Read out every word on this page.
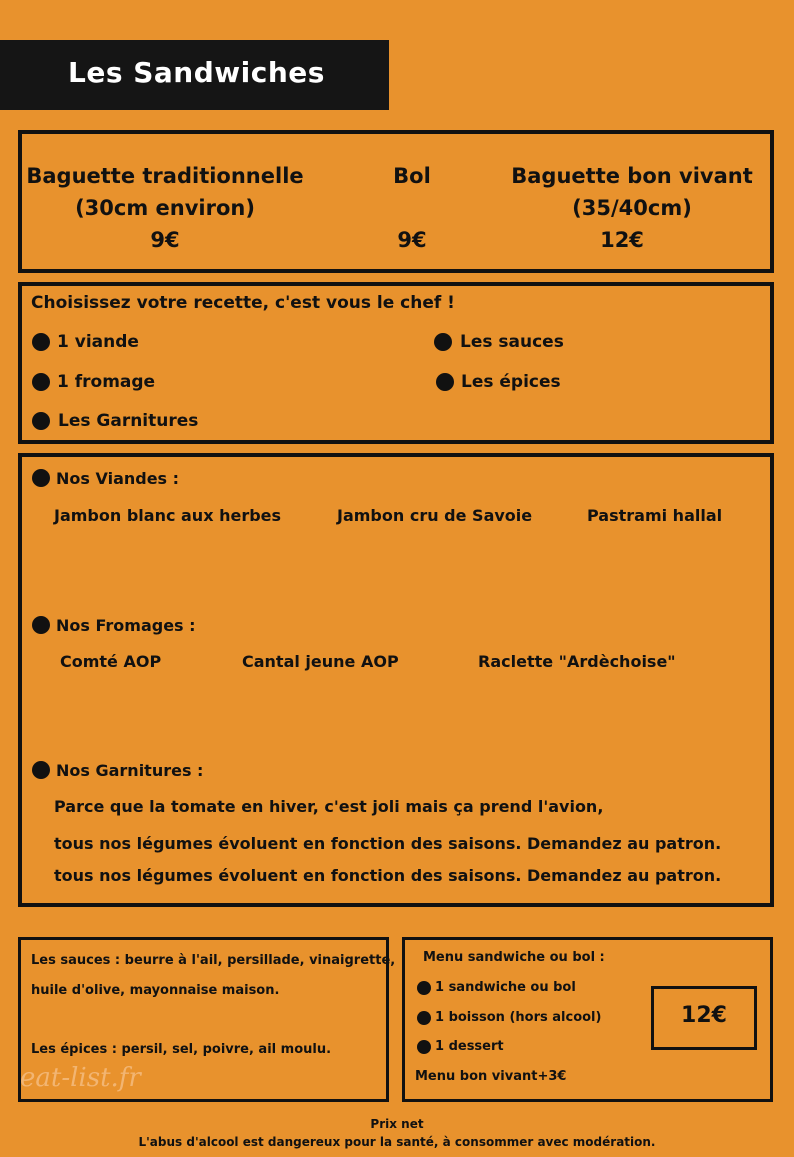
Les Sandwiches
Baguette traditionnelle
(30cm environ)
9€
Bol
9€
Baguette bon vivant
(35/40cm)
12€
Choisissez votre recette, c'est vous le chef !
1 viande
1 fromage
Les Garnitures
Les sauces
Les épices
Nos Viandes :
Jambon blanc aux herbes	Jambon cru de Savoie	Pastrami hallal
Nos Fromages :
Comté AOP	Cantal jeune AOP	Raclette "Ardèchoise"
Nos Garnitures :
Parce que la tomate en hiver, c'est joli mais ça prend l'avion,
tous nos légumes évoluent en fonction des saisons. Demandez au patron.
tous nos légumes évoluent en fonction des saisons. Demandez au patron.
Les sauces : beurre à l'ail, persillade, vinaigrette,
huile d'olive, mayonnaise maison.
Les épices : persil, sel, poivre, ail moulu.
eat-list.fr
Menu sandwiche ou bol :
1 sandwiche ou bol
1 boisson (hors alcool)
1 dessert
Menu bon vivant+3€
12€
Prix net
L'abus d'alcool est dangereux pour la santé, à consommer avec modération.
